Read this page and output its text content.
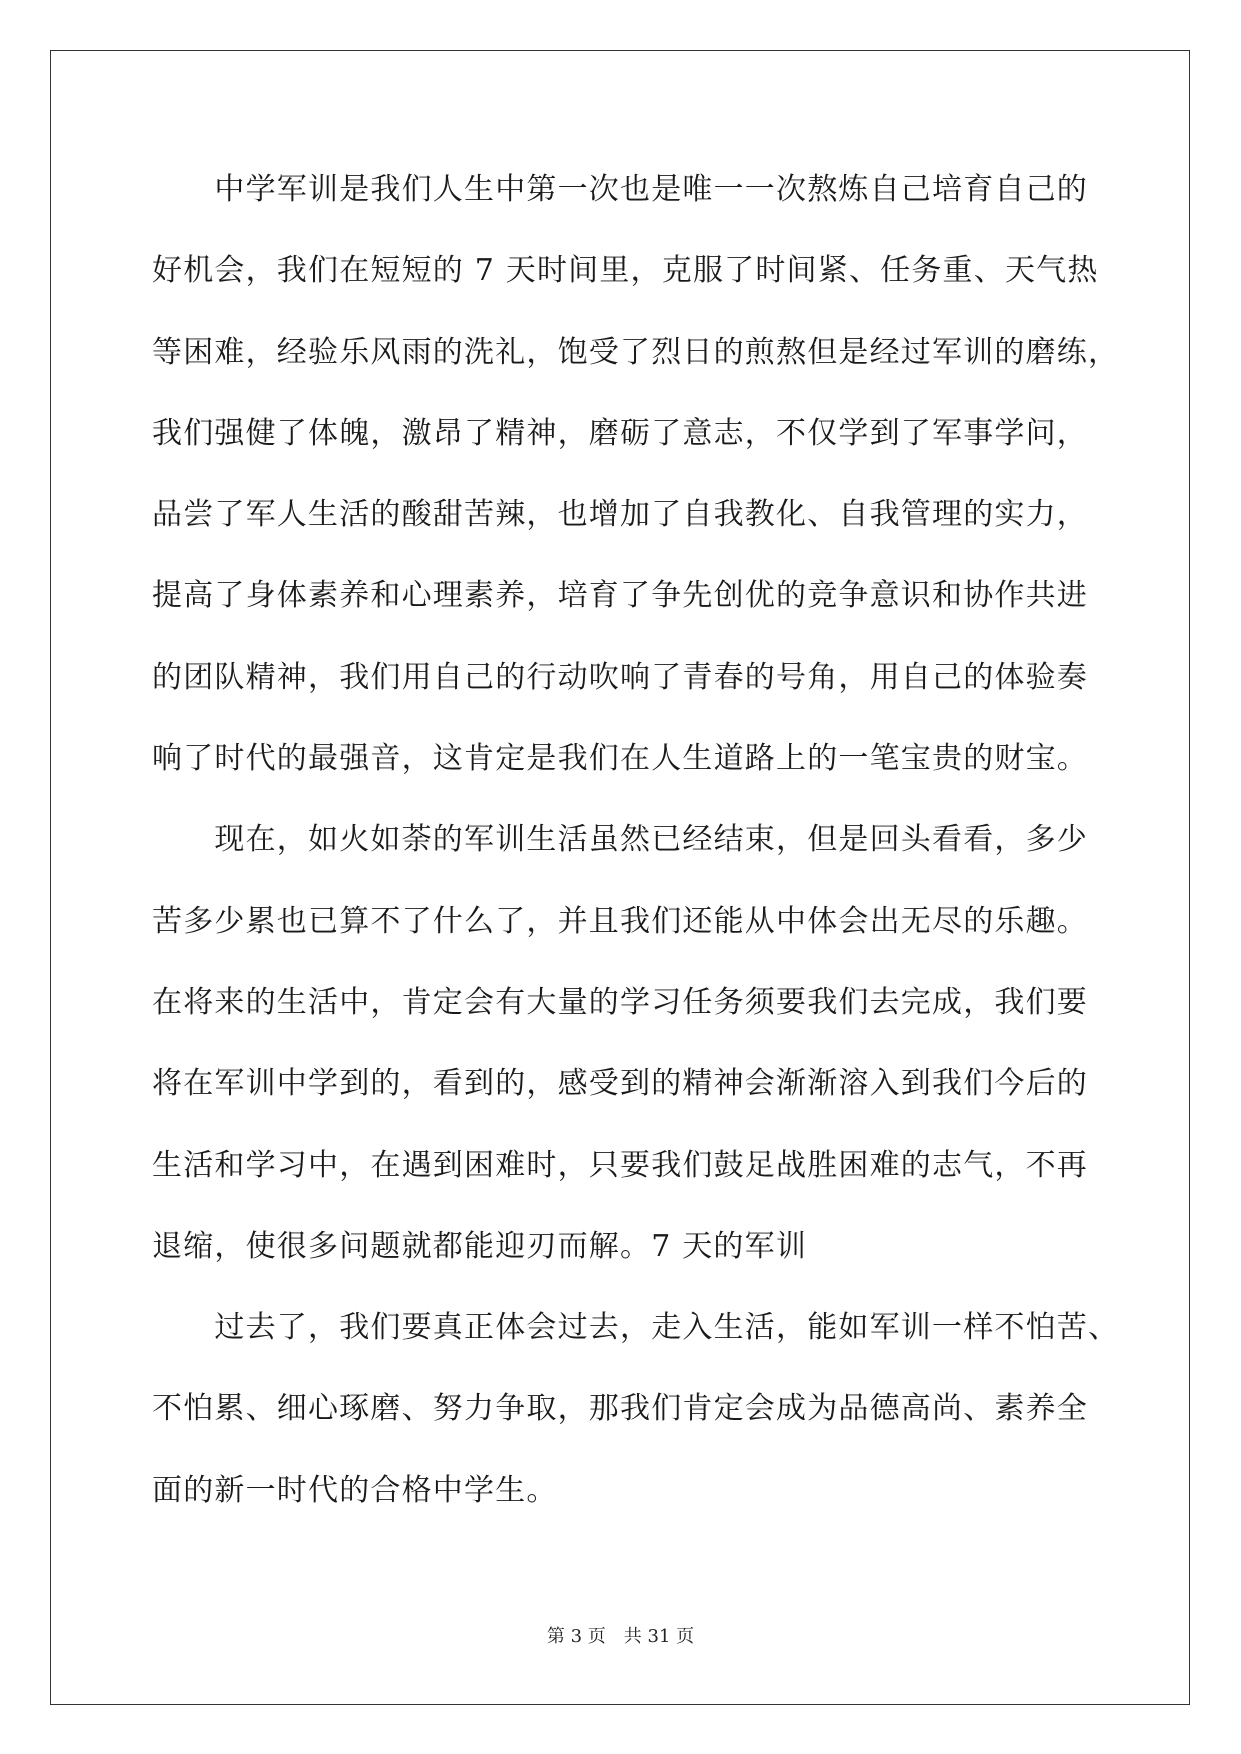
　　中学军训是我们人生中第一次也是唯一一次熬炼自己培育自己的
好机会，我们在短短的 7 天时间里，克服了时间紧、任务重、天气热
等困难，经验乐风雨的洗礼，饱受了烈日的煎熬但是经过军训的磨练，
我们强健了体魄，激昂了精神，磨砺了意志，不仅学到了军事学问，
品尝了军人生活的酸甜苦辣，也增加了自我教化、自我管理的实力，
提高了身体素养和心理素养，培育了争先创优的竞争意识和协作共进
的团队精神，我们用自己的行动吹响了青春的号角，用自己的体验奏
响了时代的最强音，这肯定是我们在人生道路上的一笔宝贵的财宝。
　　现在，如火如荼的军训生活虽然已经结束，但是回头看看，多少
苦多少累也已算不了什么了，并且我们还能从中体会出无尽的乐趣。
在将来的生活中，肯定会有大量的学习任务须要我们去完成，我们要
将在军训中学到的，看到的，感受到的精神会渐渐溶入到我们今后的
生活和学习中，在遇到困难时，只要我们鼓足战胜困难的志气，不再
退缩，使很多问题就都能迎刃而解。7 天的军训
　　过去了，我们要真正体会过去，走入生活，能如军训一样不怕苦、
不怕累、细心琢磨、努力争取，那我们肯定会成为品德高尚、素养全
面的新一时代的合格中学生。
第 3 页 共 31 页
